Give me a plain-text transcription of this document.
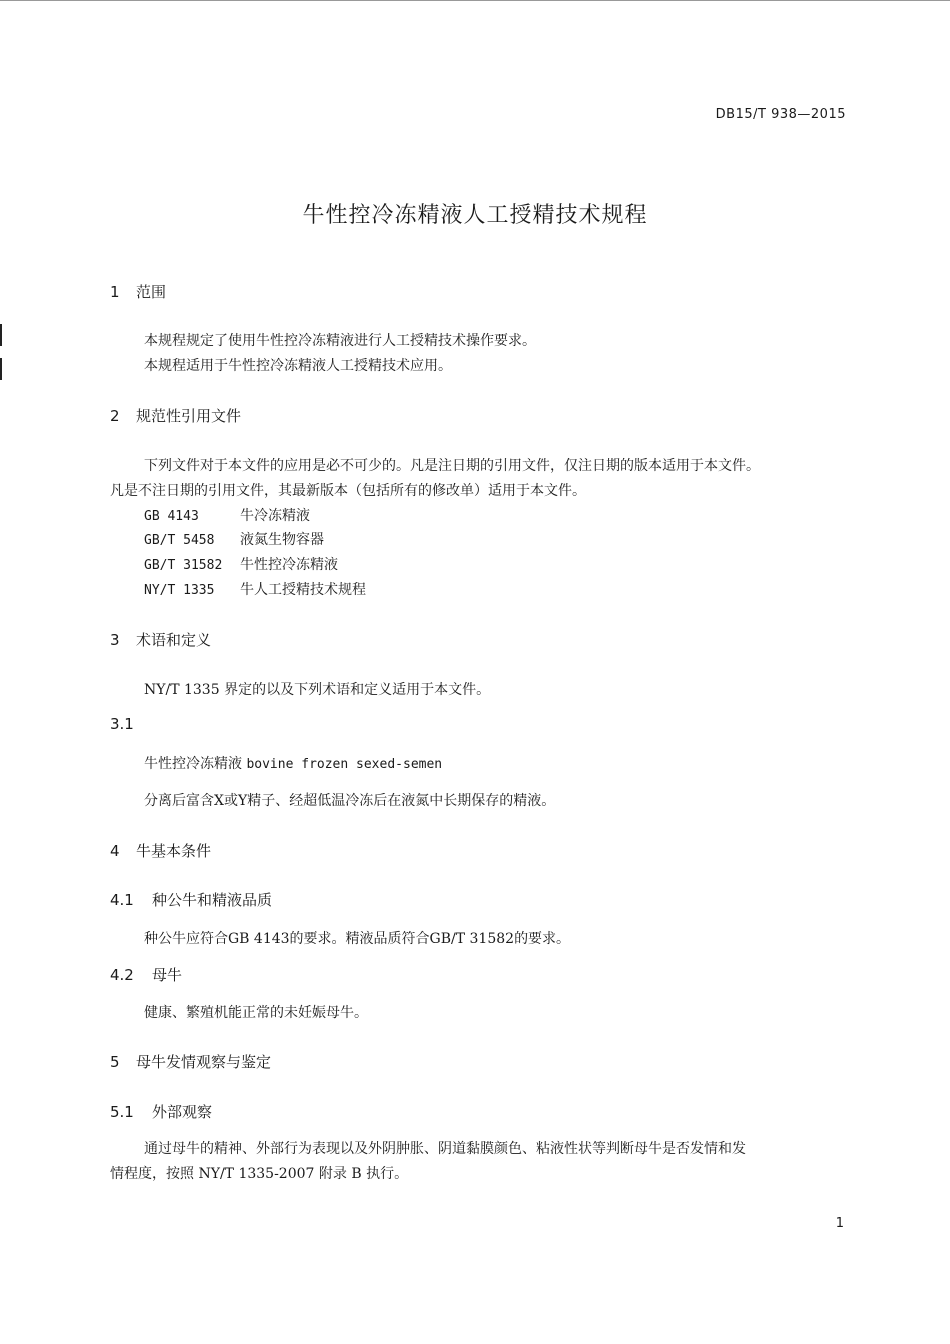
DB15/T 938—2015
牛性控冷冻精液人工授精技术规程
1 范围
本规程规定了使用牛性控冷冻精液进行人工授精技术操作要求。
本规程适用于牛性控冷冻精液人工授精技术应用。
2 规范性引用文件
下列文件对于本文件的应用是必不可少的。凡是注日期的引用文件，仅注日期的版本适用于本文件。
凡是不注日期的引用文件，其最新版本（包括所有的修改单）适用于本文件。
GB 4143	牛冷冻精液
GB/T 5458 液氮生物容器
GB/T 31582 牛性控冷冻精液
NY/T 1335 牛人工授精技术规程
3 术语和定义
NY/T 1335 界定的以及下列术语和定义适用于本文件。
3.1
牛性控冷冻精液 bovine frozen sexed-semen
分离后富含X或Y精子、经超低温冷冻后在液氮中长期保存的精液。
4 牛基本条件
4.1 种公牛和精液品质
种公牛应符合GB 4143的要求。精液品质符合GB/T 31582的要求。
4.2 母牛
健康、繁殖机能正常的未妊娠母牛。
5 母牛发情观察与鉴定
5.1 外部观察
通过母牛的精神、外部行为表现以及外阴肿胀、阴道黏膜颜色、粘液性状等判断母牛是否发情和发
情程度，按照 NY/T 1335-2007 附录 B 执行。
1
